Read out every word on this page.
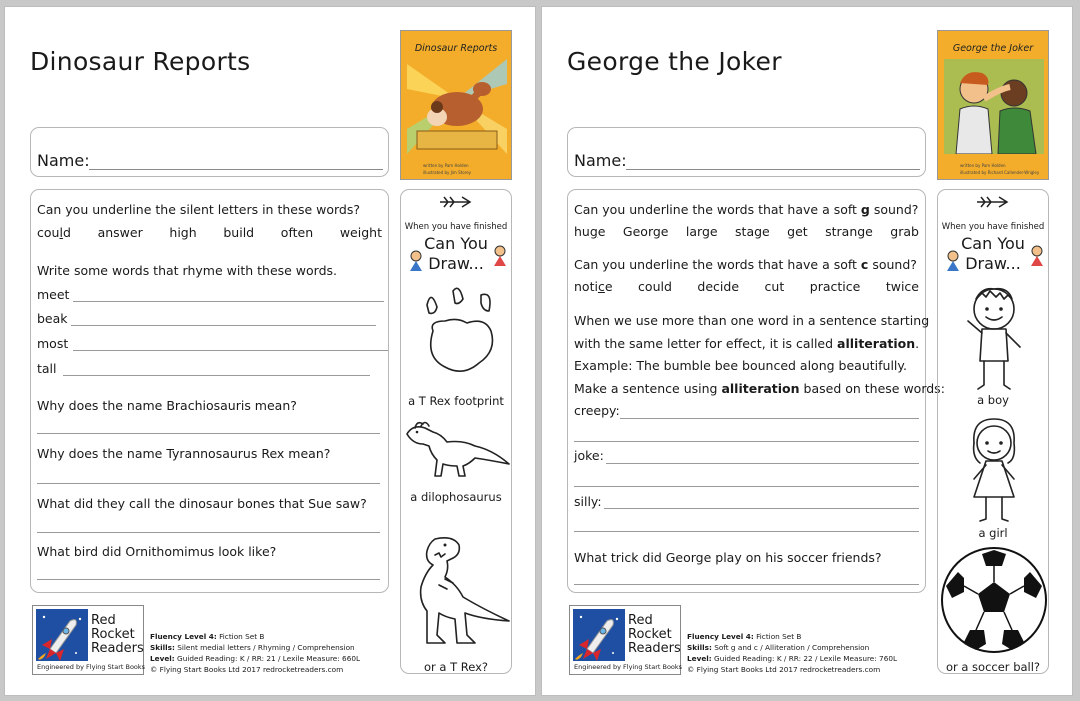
Dinosaur Reports	Dinosaur Reports
written by Pam Holden
illustrated by Jim Storey
Name:
Can you underline the silent letters in these words?
could answer high build often weight
Write some words that rhyme with these words.
meet
beak
most
tall
Why does the name Brachiosauris mean?
Why does the name Tyrannosaurus Rex mean?
What did they call the dinosaur bones that Sue saw?
What bird did Ornithomimus look like?
When you have finished
Can You
Draw...
a T Rex footprint
a dilophosaurus
or a T Rex?
Red
Rocket
Readers
Engineered by Flying Start Books
Fluency Level 4: Fiction Set B
Skills: Silent medial letters / Rhyming / Comprehension
Level: Guided Reading: K / RR: 21 / Lexile Measure: 660L
© Flying Start Books Ltd 2017 redrocketreaders.com
George the Joker	George the Joker
written by Pam Holden
illustrated by Richard Callender-Wrigley
Name:
Can you underline the words that have a soft g sound?
huge George large stage get strange grab
Can you underline the words that have a soft c sound?
notice could decide cut practice twice
When we use more than one word in a sentence starting
with the same letter for effect, it is called alliteration.
Example: The bumble bee bounced along beautifully.
Make a sentence using alliteration based on these words:
creepy:
joke:
silly:
What trick did George play on his soccer friends?
When you have finished
Can You
Draw...
a boy
a girl
or a soccer ball?
Red
Rocket
Readers
Engineered by Flying Start Books
Fluency Level 4: Fiction Set B
Skills: Soft g and c / Alliteration / Comprehension
Level: Guided Reading: K / RR: 22 / Lexile Measure: 760L
© Flying Start Books Ltd 2017 redrocketreaders.com
